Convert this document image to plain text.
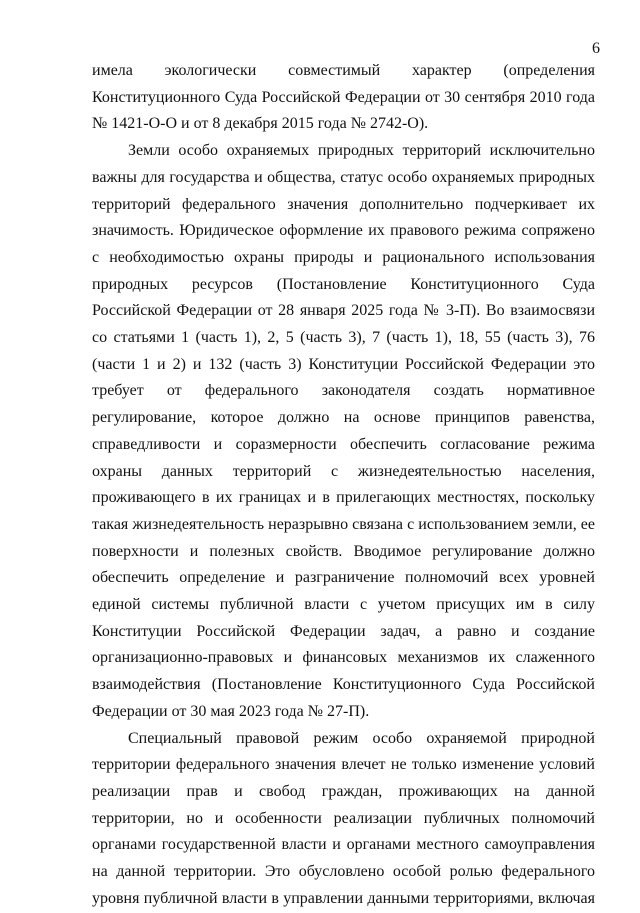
6

имела экологически совместимый характер (определения Конституционного Суда Российской Федерации от 30 сентября 2010 года № 1421-О-О и от 8 декабря 2015 года № 2742-О).

Земли особо охраняемых природных территорий исключительно важны для государства и общества, статус особо охраняемых природных территорий федерального значения дополнительно подчеркивает их значимость. Юридическое оформление их правового режима сопряжено с необходимостью охраны природы и рационального использования природных ресурсов (Постановление Конституционного Суда Российской Федерации от 28 января 2025 года № 3-П). Во взаимосвязи со статьями 1 (часть 1), 2, 5 (часть 3), 7 (часть 1), 18, 55 (часть 3), 76 (части 1 и 2) и 132 (часть 3) Конституции Российской Федерации это требует от федерального законодателя создать нормативное регулирование, которое должно на основе принципов равенства, справедливости и соразмерности обеспечить согласование режима охраны данных территорий с жизнедеятельностью населения, проживающего в их границах и в прилегающих местностях, поскольку такая жизнедеятельность неразрывно связана с использованием земли, ее поверхности и полезных свойств. Вводимое регулирование должно обеспечить определение и разграничение полномочий всех уровней единой системы публичной власти с учетом присущих им в силу Конституции Российской Федерации задач, а равно и создание организационно-правовых и финансовых механизмов их слаженного взаимодействия (Постановление Конституционного Суда Российской Федерации от 30 мая 2023 года № 27-П).

Специальный правовой режим особо охраняемой природной территории федерального значения влечет не только изменение условий реализации прав и свобод граждан, проживающих на данной территории, но и особенности реализации публичных полномочий органами государственной власти и органами местного самоуправления на данной территории. Это обусловлено особой ролью федерального уровня публичной власти в управлении данными территориями, включая
